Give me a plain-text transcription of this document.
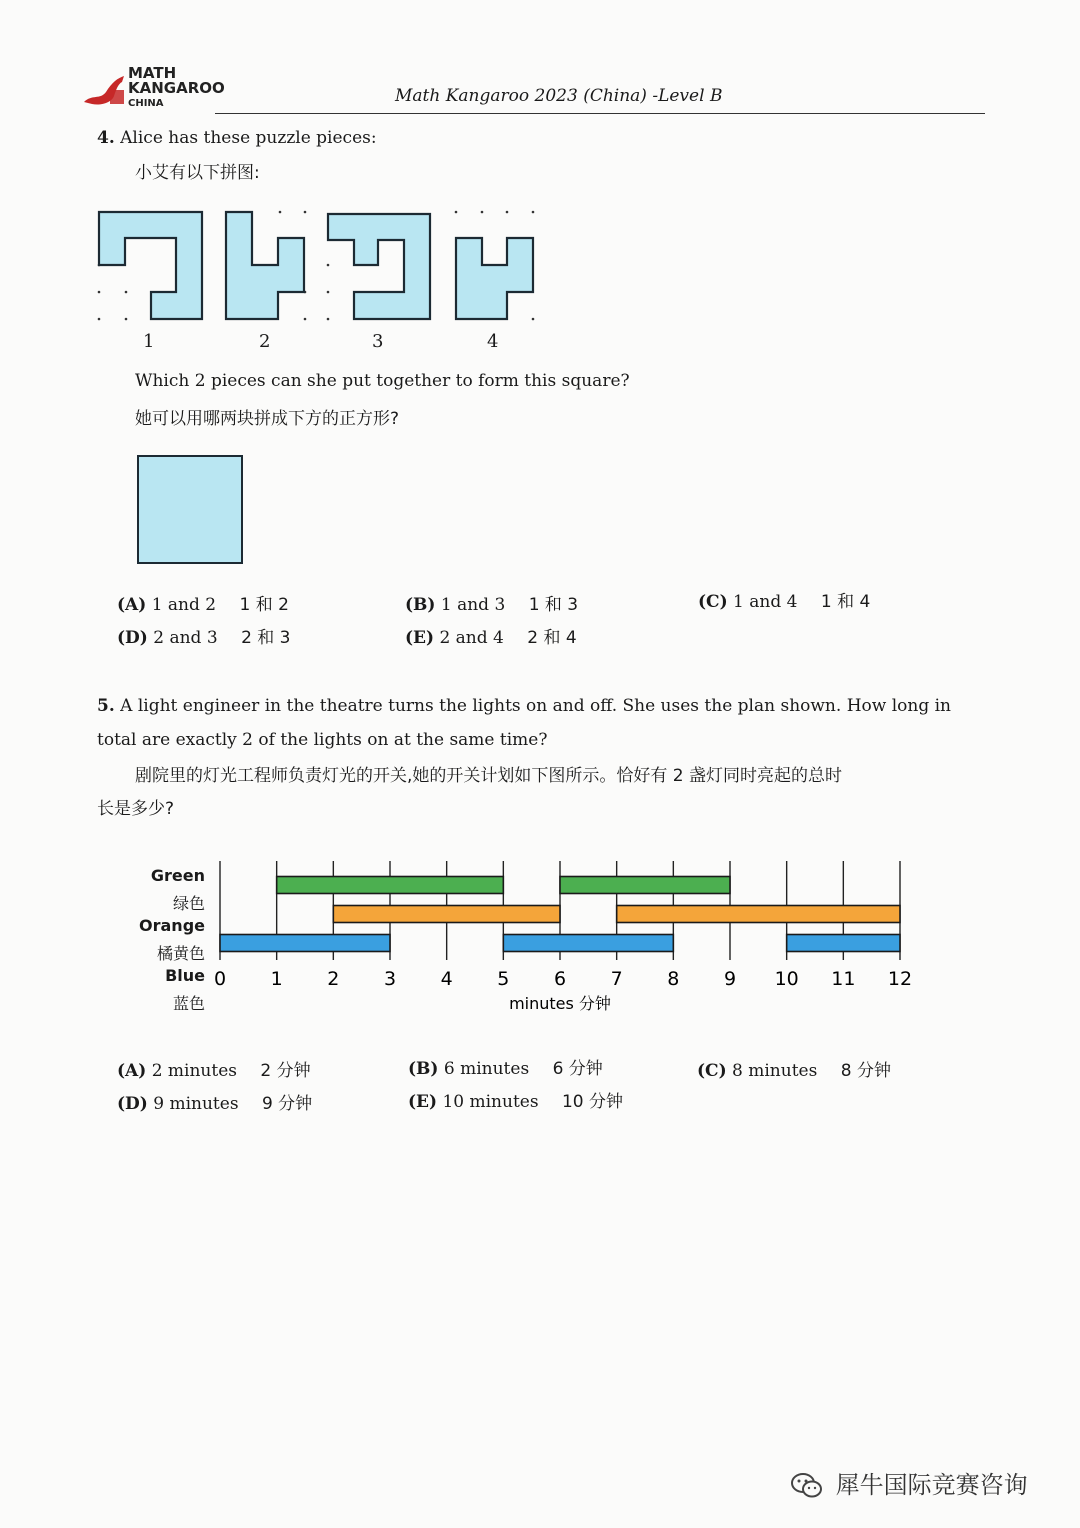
MATH
KANGAROO
CHINA	Math Kangaroo 2023 (China) -Level B
4. Alice has these puzzle pieces:
小艾有以下拼图:
1	2	3	4
Which 2 pieces can she put together to form this square?
她可以用哪两块拼成下方的正方形?
(A) 1 and 2 1 和 2	(B) 1 and 3 1 和 3	(C) 1 and 4 1 和 4
(D) 2 and 3 2 和 3	(E) 2 and 4 2 和 4
5. A light engineer in the theatre turns the lights on and off. She uses the plan shown. How long in
total are exactly 2 of the lights on at the same time?
剧院里的灯光工程师负责灯光的开关,她的开关计划如下图所示。恰好有 2 盏灯同时亮起的总时
长是多少?
Green
绿色
Orange
橘黄色
Blue
蓝色
0 1 2 3 4 5 6 7 8 9 10 11 12
minutes 分钟
(A) 2 minutes 2 分钟	(B) 6 minutes 6 分钟	(C) 8 minutes 8 分钟
(D) 9 minutes 9 分钟	(E) 10 minutes 10 分钟
犀牛国际竞赛咨询
